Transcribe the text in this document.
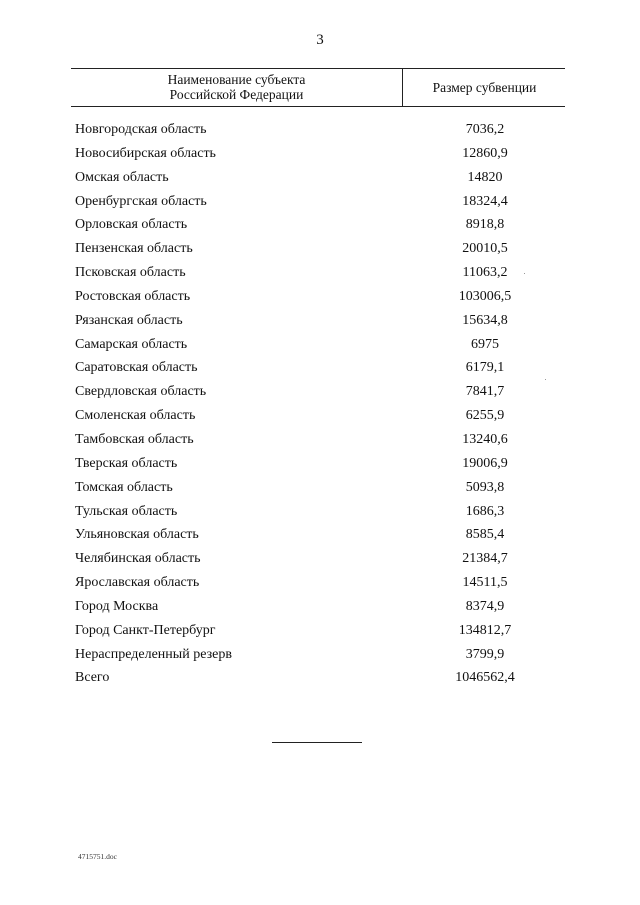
3
Наименование субъекта
Российской Федерации	Размер субвенции
Новгородская область	7036,2
Новосибирская область	12860,9
Омская область	14820
Оренбургская область	18324,4
Орловская область	8918,8
Пензенская область	20010,5
Псковская область	11063,2
Ростовская область	103006,5
Рязанская область	15634,8
Самарская область	6975
Саратовская область	6179,1
Свердловская область	7841,7
Смоленская область	6255,9
Тамбовская область	13240,6
Тверская область	19006,9
Томская область	5093,8
Тульская область	1686,3
Ульяновская область	8585,4
Челябинская область	21384,7
Ярославская область	14511,5
Город Москва	8374,9
Город Санкт-Петербург	134812,7
Нераспределенный резерв	3799,9
Всего	1046562,4
4715751.doc
